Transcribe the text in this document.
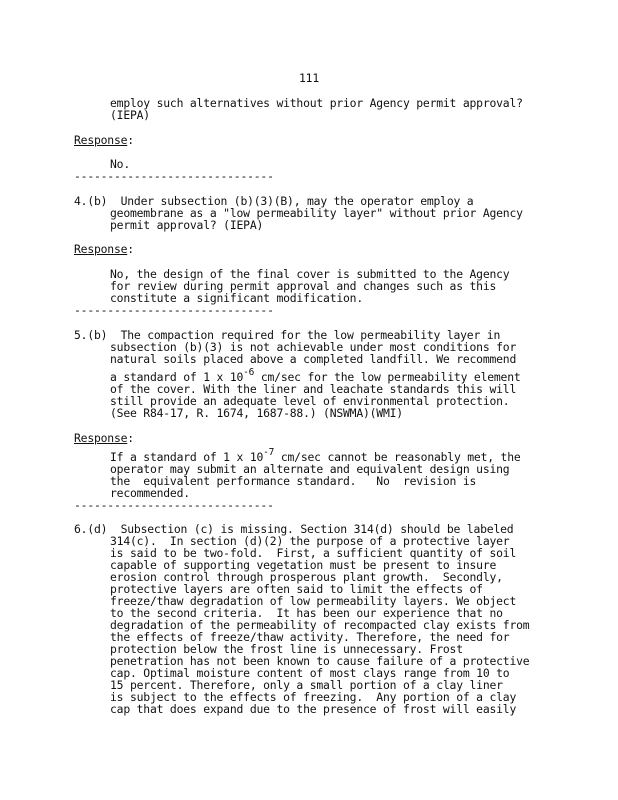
111
employ such alternatives without prior Agency permit approval?
(IEPA)
Response:
No.
------------------------------
4.(b)  Under subsection (b)(3)(B), may the operator employ a
geomembrane as a "low permeability layer" without prior Agency
permit approval? (IEPA)
Response:
No, the design of the final cover is submitted to the Agency
for review during permit approval and changes such as this
constitute a significant modification.
------------------------------
5.(b)  The compaction required for the low permeability layer in
subsection (b)(3) is not achievable under most conditions for
natural soils placed above a completed landfill. We recommend
a standard of 1 x $10^{-6}$ cm/sec for the low permeability element
of the cover. With the liner and leachate standards this will
still provide an adequate level of environmental protection.
(See R84-17, R. 1674, 1687-88.) (NSWMA)(WMI)
Response:
If a standard of 1 x $10^{-7}$ cm/sec cannot be reasonably met, the
operator may submit an alternate and equivalent design using
the  equivalent performance standard.   No  revision is
recommended.
------------------------------
6.(d)  Subsection (c) is missing. Section 314(d) should be labeled
314(c).  In section (d)(2) the purpose of a protective layer
is said to be two-fold.  First, a sufficient quantity of soil
capable of supporting vegetation must be present to insure
erosion control through prosperous plant growth.  Secondly,
protective layers are often said to limit the effects of
freeze/thaw degradation of low permeability layers. We object
to the second criteria.  It has been our experience that no
degradation of the permeability of recompacted clay exists from
the effects of freeze/thaw activity. Therefore, the need for
protection below the frost line is unnecessary. Frost
penetration has not been known to cause failure of a protective
cap. Optimal moisture content of most clays range from 10 to
15 percent. Therefore, only a small portion of a clay liner
is subject to the effects of freezing.  Any portion of a clay
cap that does expand due to the presence of frost will easily
